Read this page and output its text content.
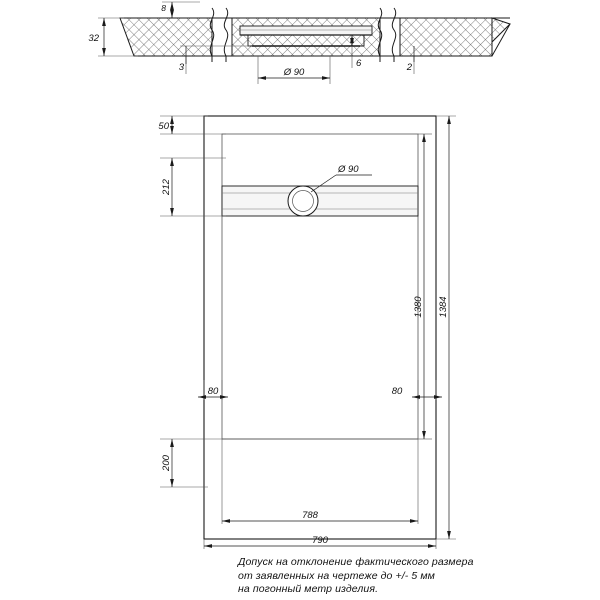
8
32
3	6	2
Ø 90
Ø 90
50
212
1380 1384
80	80
200
788
790
Допуск на отклонение фактического размера
от заявленных на чертеже до +/- 5 мм
на погонный метр изделия.
